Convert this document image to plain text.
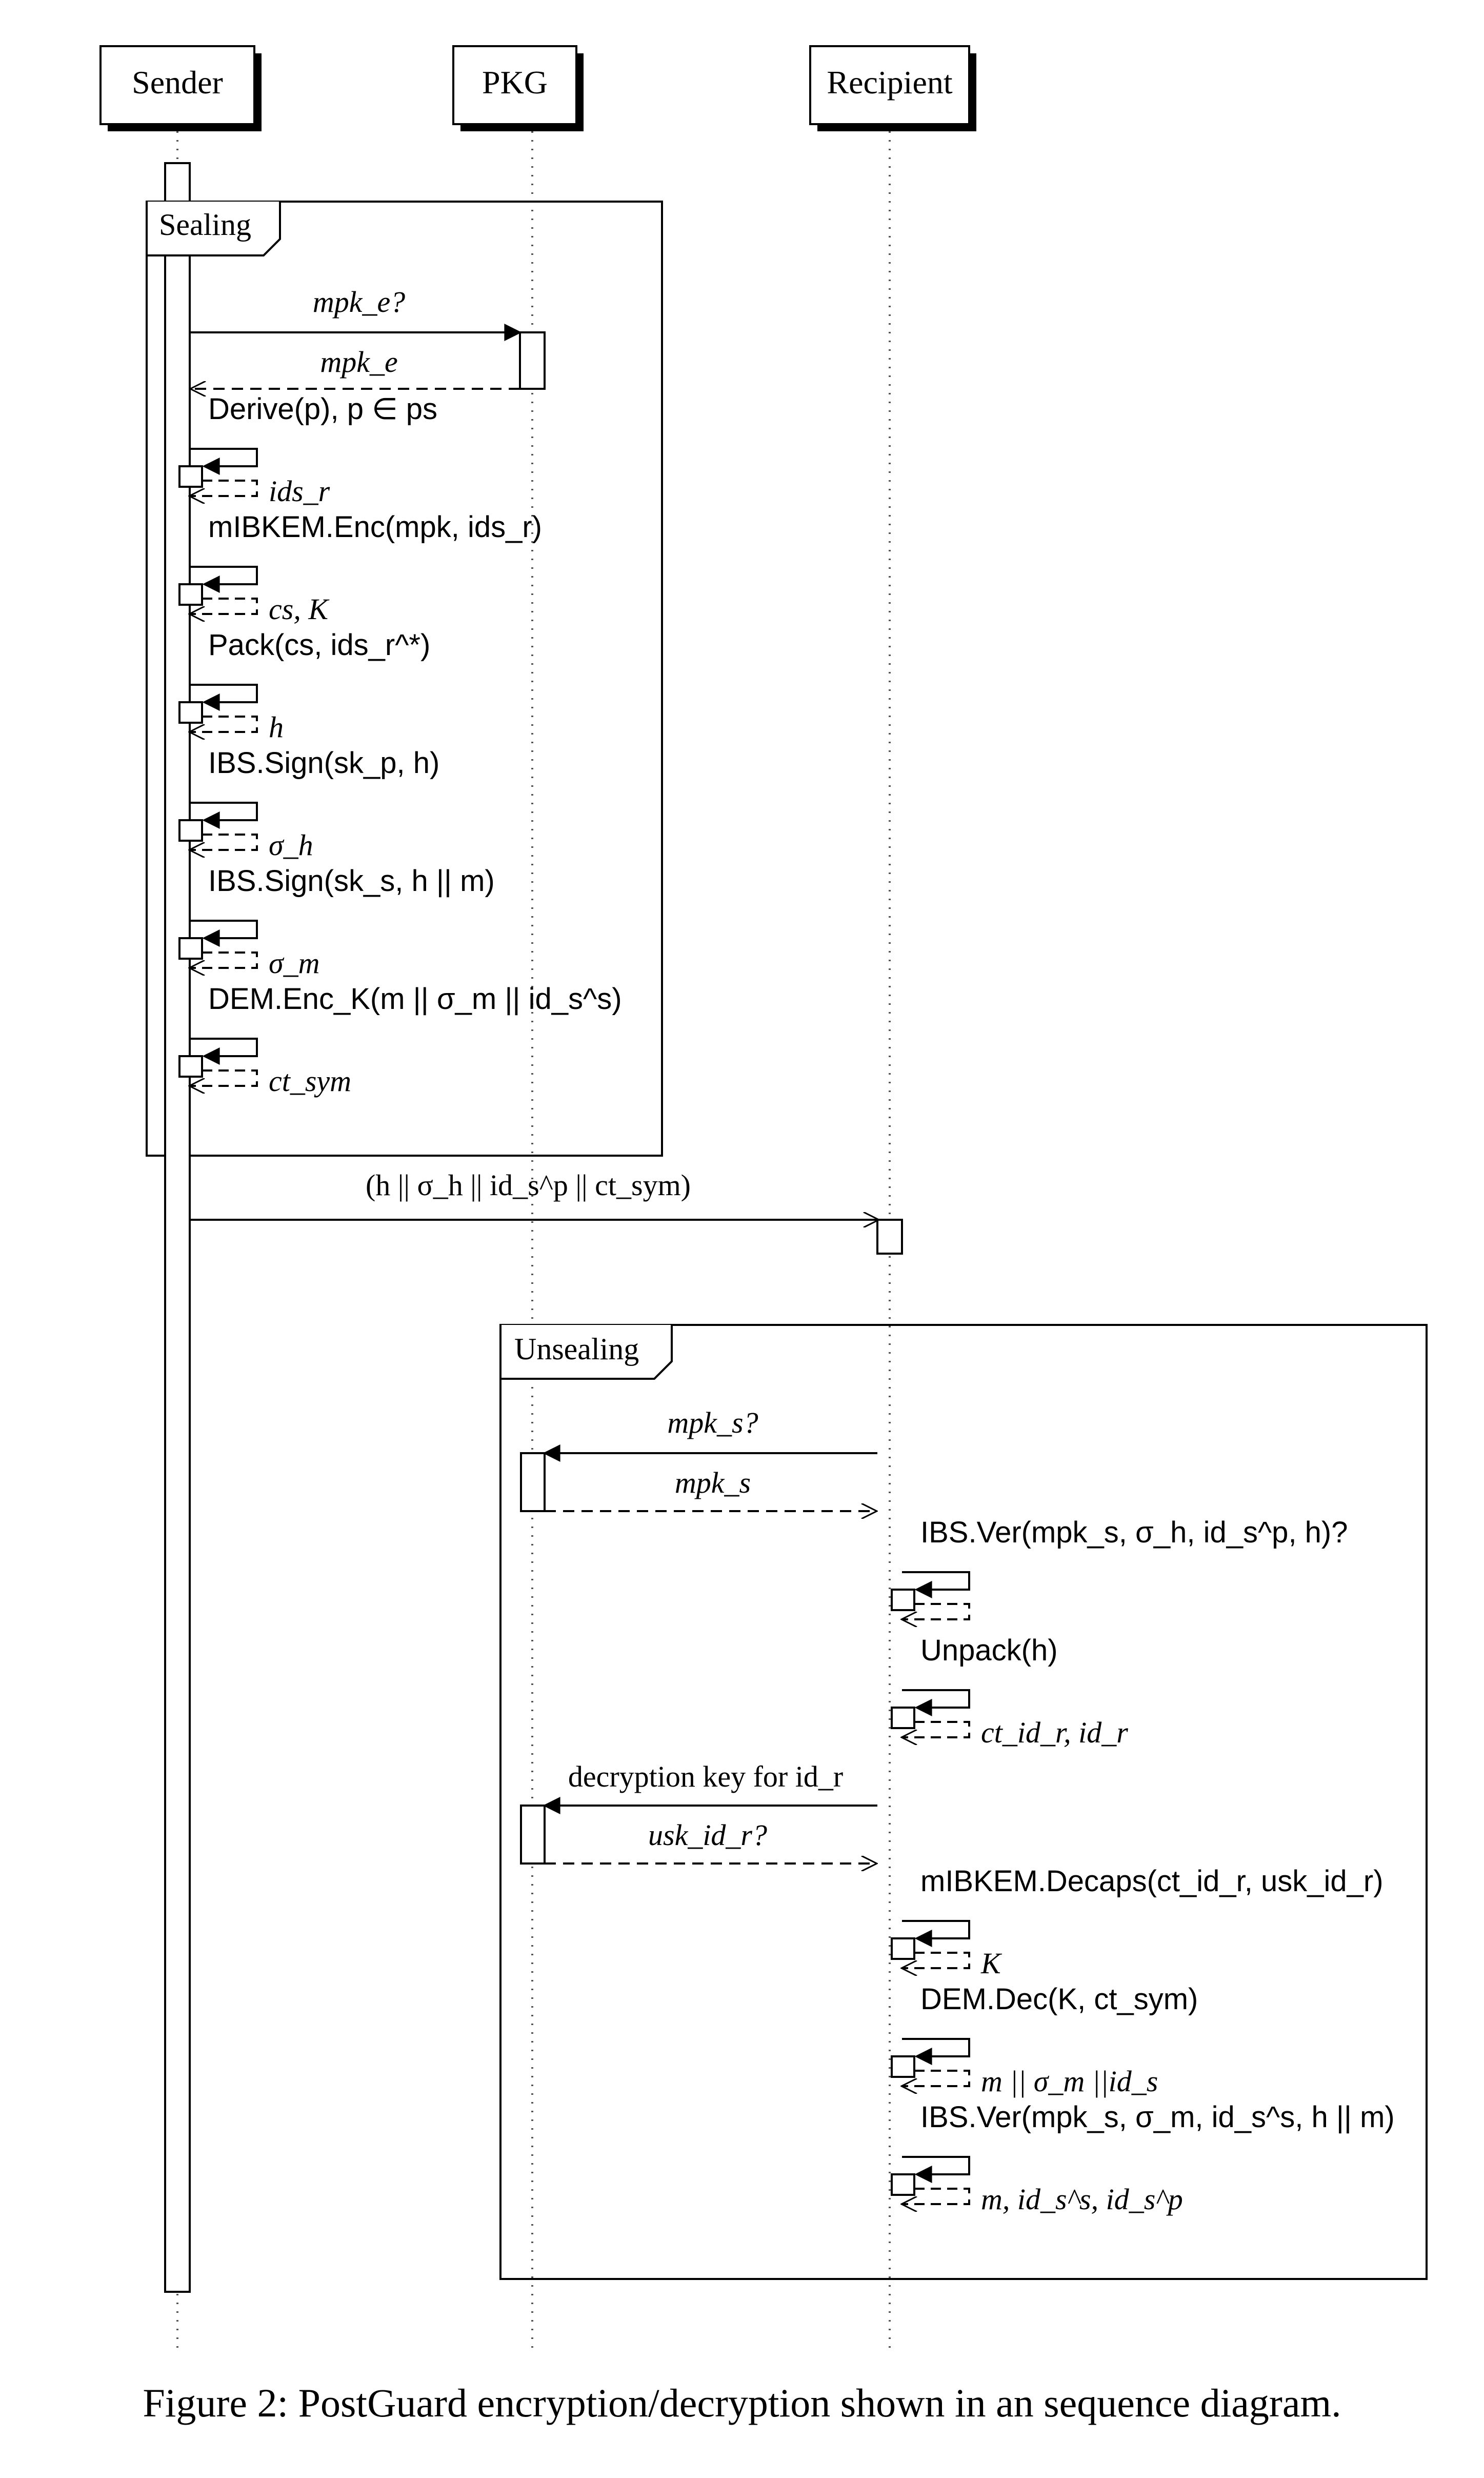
Sender	PKG	Recipient
Sealing
mpk_e?
mpk_e
Derive(p), p ∈ ps
ids_r
mIBKEM.Enc(mpk, ids_r)
cs, K
Pack(cs, ids_r^*)
h
IBS.Sign(sk_p, h)
σ_h
IBS.Sign(sk_s, h || m)
σ_m
DEM.Enc_K(m || σ_m || id_s^s)
ct_sym
(h || σ_h || id_s^p || ct_sym)
Unsealing
mpk_s?
mpk_s
decryption key for id_r
usk_id_r?
IBS.Ver(mpk_s, σ_h, id_s^p, h)?
Unpack(h)
ct_id_r, id_r
mIBKEM.Decaps(ct_id_r, usk_id_r)
K
DEM.Dec(K, ct_sym)
m || σ_m ||id_s
IBS.Ver(mpk_s, σ_m, id_s^s, h || m)
m, id_s^s, id_s^p
Figure 2: PostGuard encryption/decryption shown in an sequence diagram.
